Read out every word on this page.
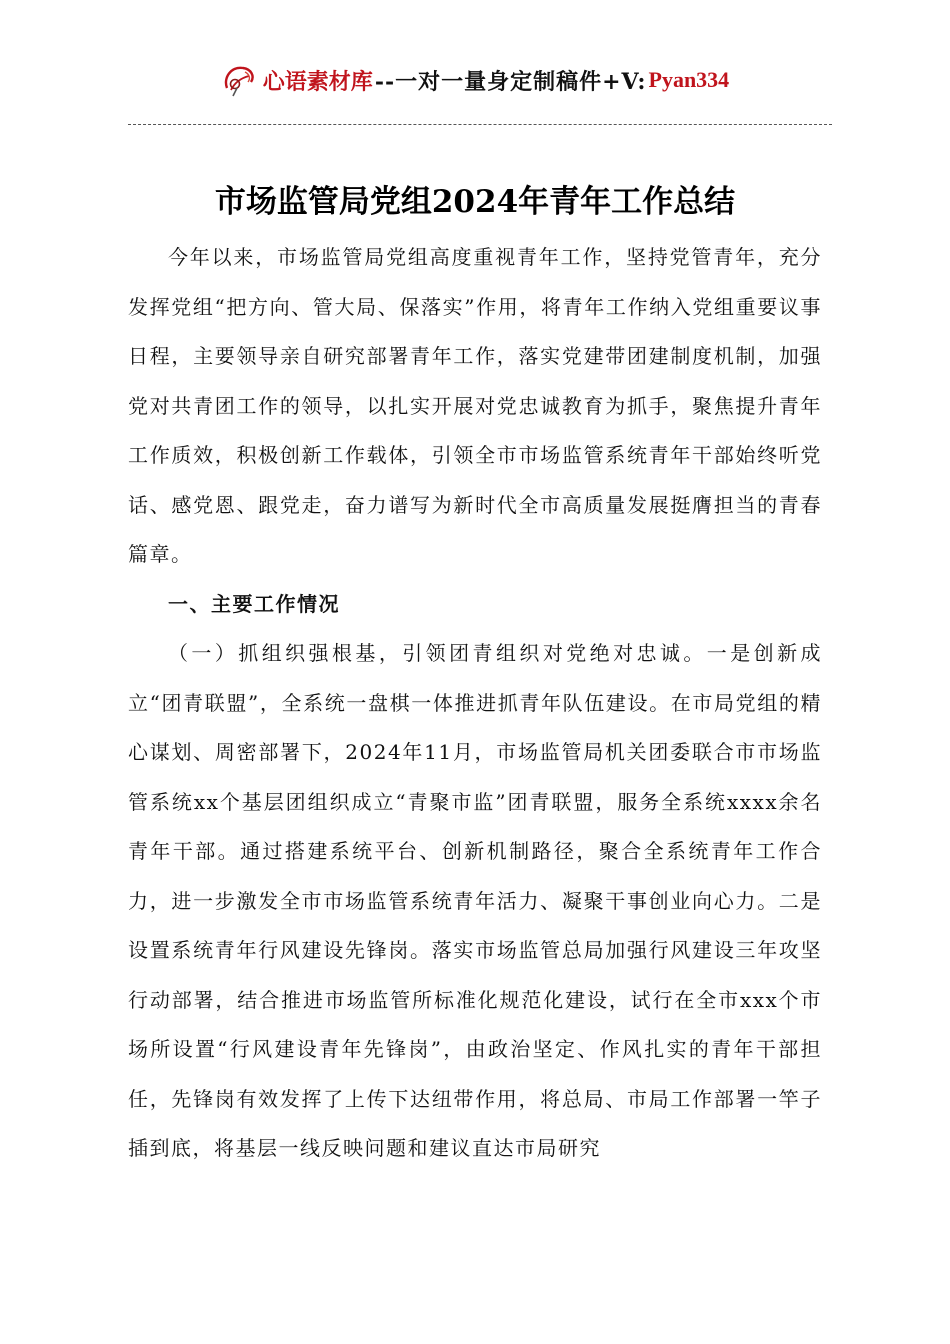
心语素材库 --一对一量身定制稿件+V: Pyan334
市场监管局党组2024年青年工作总结

今年以来，市场监管局党组高度重视青年工作，坚持党管青年，充分发挥党组“把方向、管大局、保落实”作用，将青年工作纳入党组重要议事日程，主要领导亲自研究部署青年工作，落实党建带团建制度机制，加强党对共青团工作的领导，以扎实开展对党忠诚教育为抓手，聚焦提升青年工作质效，积极创新工作载体，引领全市市场监管系统青年干部始终听党话、感党恩、跟党走，奋力谱写为新时代全市高质量发展挺膺担当的青春篇章。

一、主要工作情况

（一）抓组织强根基，引领团青组织对党绝对忠诚。一是创新成立“团青联盟”，全系统一盘棋一体推进抓青年队伍建设。在市局党组的精心谋划、周密部署下，2024年11月，市场监管局机关团委联合市市场监管系统xx个基层团组织成立“青聚市监”团青联盟，服务全系统xxxx余名青年干部。通过搭建系统平台、创新机制路径，聚合全系统青年工作合力，进一步激发全市市场监管系统青年活力、凝聚干事创业向心力。二是设置系统青年行风建设先锋岗。落实市场监管总局加强行风建设三年攻坚行动部署，结合推进市场监管所标准化规范化建设，试行在全市xxx个市场所设置“行风建设青年先锋岗”，由政治坚定、作风扎实的青年干部担任，先锋岗有效发挥了上传下达纽带作用，将总局、市局工作部署一竿子插到底，将基层一线反映问题和建议直达市局研究
